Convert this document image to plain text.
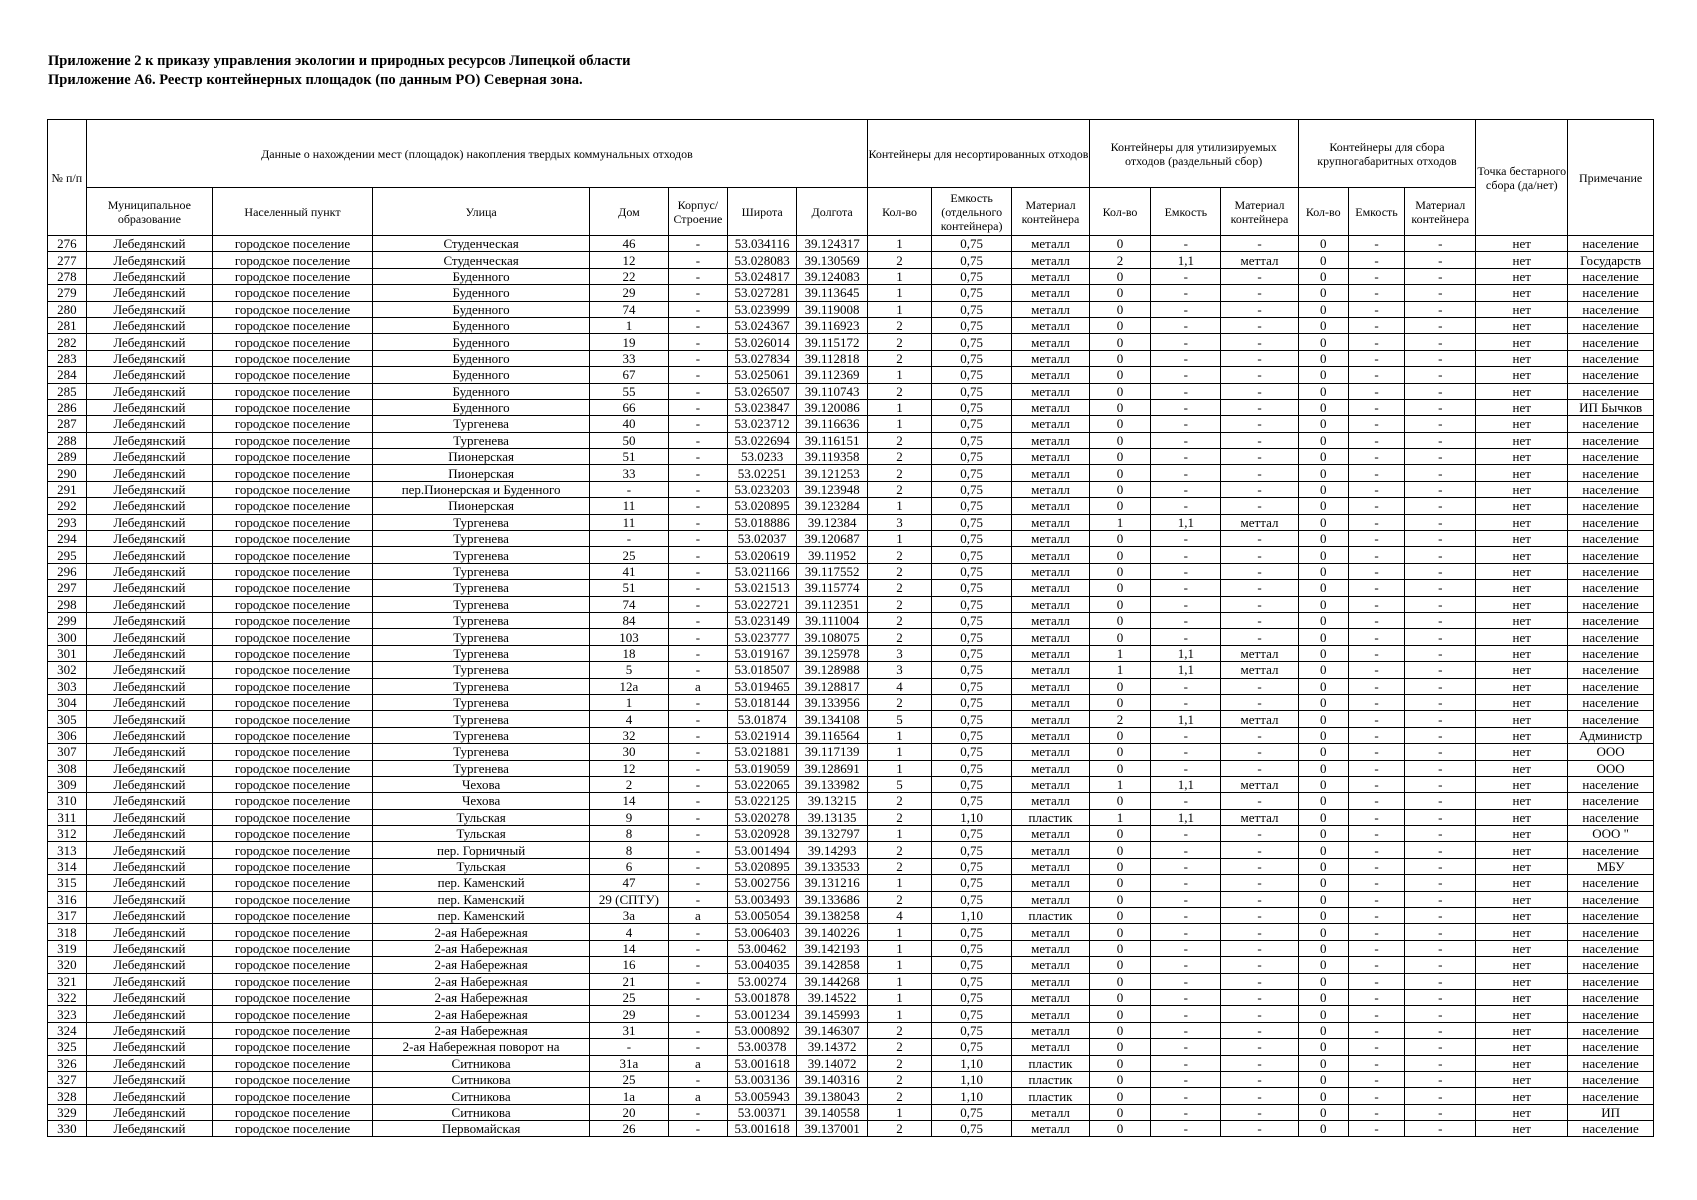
Приложение 2 к приказу управления экологии и природных ресурсов Липецкой области
Приложение А6. Реестр контейнерных площадок (по данным РО) Северная зона.
№ п/п	Данные о нахождении мест (площадок) накопления твердых коммунальных отходов							Контейнеры для несортированных отходов			Контейнеры для утилизируемых отходов (раздельный сбор)			Контейнеры для сбора крупногабаритных отходов			Точка бестарного сбора (да/нет)	Примечание
	Муниципальное образование	Населенный пункт	Улица	Дом	Корпус/ Строение	Широта	Долгота	Кол-во	Емкость (отдельного контейнера)	Материал контейнера	Кол-во	Емкость	Материал контейнера	Кол-во	Емкость	Материал контейнера		
276	Лебедянский	городское поселение	Студенческая	46	-	53.034116	39.124317	1	0,75	металл	0	-	-	0	-	-	нет	население
277	Лебедянский	городское поселение	Студенческая	12	-	53.028083	39.130569	2	0,75	металл	2	1,1	меттал	0	-	-	нет	Государств
278	Лебедянский	городское поселение	Буденного	22	-	53.024817	39.124083	1	0,75	металл	0	-	-	0	-	-	нет	население
279	Лебедянский	городское поселение	Буденного	29	-	53.027281	39.113645	1	0,75	металл	0	-	-	0	-	-	нет	население
280	Лебедянский	городское поселение	Буденного	74	-	53.023999	39.119008	1	0,75	металл	0	-	-	0	-	-	нет	население
281	Лебедянский	городское поселение	Буденного	1	-	53.024367	39.116923	2	0,75	металл	0	-	-	0	-	-	нет	население
282	Лебедянский	городское поселение	Буденного	19	-	53.026014	39.115172	2	0,75	металл	0	-	-	0	-	-	нет	население
283	Лебедянский	городское поселение	Буденного	33	-	53.027834	39.112818	2	0,75	металл	0	-	-	0	-	-	нет	население
284	Лебедянский	городское поселение	Буденного	67	-	53.025061	39.112369	1	0,75	металл	0	-	-	0	-	-	нет	население
285	Лебедянский	городское поселение	Буденного	55	-	53.026507	39.110743	2	0,75	металл	0	-	-	0	-	-	нет	население
286	Лебедянский	городское поселение	Буденного	66	-	53.023847	39.120086	1	0,75	металл	0	-	-	0	-	-	нет	ИП Бычков
287	Лебедянский	городское поселение	Тургенева	40	-	53.023712	39.116636	1	0,75	металл	0	-	-	0	-	-	нет	население
288	Лебедянский	городское поселение	Тургенева	50	-	53.022694	39.116151	2	0,75	металл	0	-	-	0	-	-	нет	население
289	Лебедянский	городское поселение	Пионерская	51	-	53.0233	39.119358	2	0,75	металл	0	-	-	0	-	-	нет	население
290	Лебедянский	городское поселение	Пионерская	33	-	53.02251	39.121253	2	0,75	металл	0	-	-	0	-	-	нет	население
291	Лебедянский	городское поселение	пер.Пионерская и Буденного	-	-	53.023203	39.123948	2	0,75	металл	0	-	-	0	-	-	нет	население
292	Лебедянский	городское поселение	Пионерская	11	-	53.020895	39.123284	1	0,75	металл	0	-	-	0	-	-	нет	население
293	Лебедянский	городское поселение	Тургенева	11	-	53.018886	39.12384	3	0,75	металл	1	1,1	меттал	0	-	-	нет	население
294	Лебедянский	городское поселение	Тургенева	-	-	53.02037	39.120687	1	0,75	металл	0	-	-	0	-	-	нет	население
295	Лебедянский	городское поселение	Тургенева	25	-	53.020619	39.11952	2	0,75	металл	0	-	-	0	-	-	нет	население
296	Лебедянский	городское поселение	Тургенева	41	-	53.021166	39.117552	2	0,75	металл	0	-	-	0	-	-	нет	население
297	Лебедянский	городское поселение	Тургенева	51	-	53.021513	39.115774	2	0,75	металл	0	-	-	0	-	-	нет	население
298	Лебедянский	городское поселение	Тургенева	74	-	53.022721	39.112351	2	0,75	металл	0	-	-	0	-	-	нет	население
299	Лебедянский	городское поселение	Тургенева	84	-	53.023149	39.111004	2	0,75	металл	0	-	-	0	-	-	нет	население
300	Лебедянский	городское поселение	Тургенева	103	-	53.023777	39.108075	2	0,75	металл	0	-	-	0	-	-	нет	население
301	Лебедянский	городское поселение	Тургенева	18	-	53.019167	39.125978	3	0,75	металл	1	1,1	меттал	0	-	-	нет	население
302	Лебедянский	городское поселение	Тургенева	5	-	53.018507	39.128988	3	0,75	металл	1	1,1	меттал	0	-	-	нет	население
303	Лебедянский	городское поселение	Тургенева	12а	а	53.019465	39.128817	4	0,75	металл	0	-	-	0	-	-	нет	население
304	Лебедянский	городское поселение	Тургенева	1	-	53.018144	39.133956	2	0,75	металл	0	-	-	0	-	-	нет	население
305	Лебедянский	городское поселение	Тургенева	4	-	53.01874	39.134108	5	0,75	металл	2	1,1	меттал	0	-	-	нет	население
306	Лебедянский	городское поселение	Тургенева	32	-	53.021914	39.116564	1	0,75	металл	0	-	-	0	-	-	нет	Администр
307	Лебедянский	городское поселение	Тургенева	30	-	53.021881	39.117139	1	0,75	металл	0	-	-	0	-	-	нет	ООО
308	Лебедянский	городское поселение	Тургенева	12	-	53.019059	39.128691	1	0,75	металл	0	-	-	0	-	-	нет	ООО
309	Лебедянский	городское поселение	Чехова	2	-	53.022065	39.133982	5	0,75	металл	1	1,1	меттал	0	-	-	нет	население
310	Лебедянский	городское поселение	Чехова	14	-	53.022125	39.13215	2	0,75	металл	0	-	-	0	-	-	нет	население
311	Лебедянский	городское поселение	Тульская	9	-	53.020278	39.13135	2	1,10	пластик	1	1,1	меттал	0	-	-	нет	население
312	Лебедянский	городское поселение	Тульская	8	-	53.020928	39.132797	1	0,75	металл	0	-	-	0	-	-	нет	ООО "
313	Лебедянский	городское поселение	пер. Горничный	8	-	53.001494	39.14293	2	0,75	металл	0	-	-	0	-	-	нет	население
314	Лебедянский	городское поселение	Тульская	6	-	53.020895	39.133533	2	0,75	металл	0	-	-	0	-	-	нет	МБУ
315	Лебедянский	городское поселение	пер. Каменский	47	-	53.002756	39.131216	1	0,75	металл	0	-	-	0	-	-	нет	население
316	Лебедянский	городское поселение	пер. Каменский	29 (СПТУ)	-	53.003493	39.133686	2	0,75	металл	0	-	-	0	-	-	нет	население
317	Лебедянский	городское поселение	пер. Каменский	3а	а	53.005054	39.138258	4	1,10	пластик	0	-	-	0	-	-	нет	население
318	Лебедянский	городское поселение	2-ая Набережная	4	-	53.006403	39.140226	1	0,75	металл	0	-	-	0	-	-	нет	население
319	Лебедянский	городское поселение	2-ая Набережная	14	-	53.00462	39.142193	1	0,75	металл	0	-	-	0	-	-	нет	население
320	Лебедянский	городское поселение	2-ая Набережная	16	-	53.004035	39.142858	1	0,75	металл	0	-	-	0	-	-	нет	население
321	Лебедянский	городское поселение	2-ая Набережная	21	-	53.00274	39.144268	1	0,75	металл	0	-	-	0	-	-	нет	население
322	Лебедянский	городское поселение	2-ая Набережная	25	-	53.001878	39.14522	1	0,75	металл	0	-	-	0	-	-	нет	население
323	Лебедянский	городское поселение	2-ая Набережная	29	-	53.001234	39.145993	1	0,75	металл	0	-	-	0	-	-	нет	население
324	Лебедянский	городское поселение	2-ая Набережная	31	-	53.000892	39.146307	2	0,75	металл	0	-	-	0	-	-	нет	население
325	Лебедянский	городское поселение	2-ая Набережная поворот на	-	-	53.00378	39.14372	2	0,75	металл	0	-	-	0	-	-	нет	население
326	Лебедянский	городское поселение	Ситникова	31а	а	53.001618	39.14072	2	1,10	пластик	0	-	-	0	-	-	нет	население
327	Лебедянский	городское поселение	Ситникова	25	-	53.003136	39.140316	2	1,10	пластик	0	-	-	0	-	-	нет	население
328	Лебедянский	городское поселение	Ситникова	1а	а	53.005943	39.138043	2	1,10	пластик	0	-	-	0	-	-	нет	население
329	Лебедянский	городское поселение	Ситникова	20	-	53.00371	39.140558	1	0,75	металл	0	-	-	0	-	-	нет	ИП
330	Лебедянский	городское поселение	Первомайская	26	-	53.001618	39.137001	2	0,75	металл	0	-	-	0	-	-	нет	население
